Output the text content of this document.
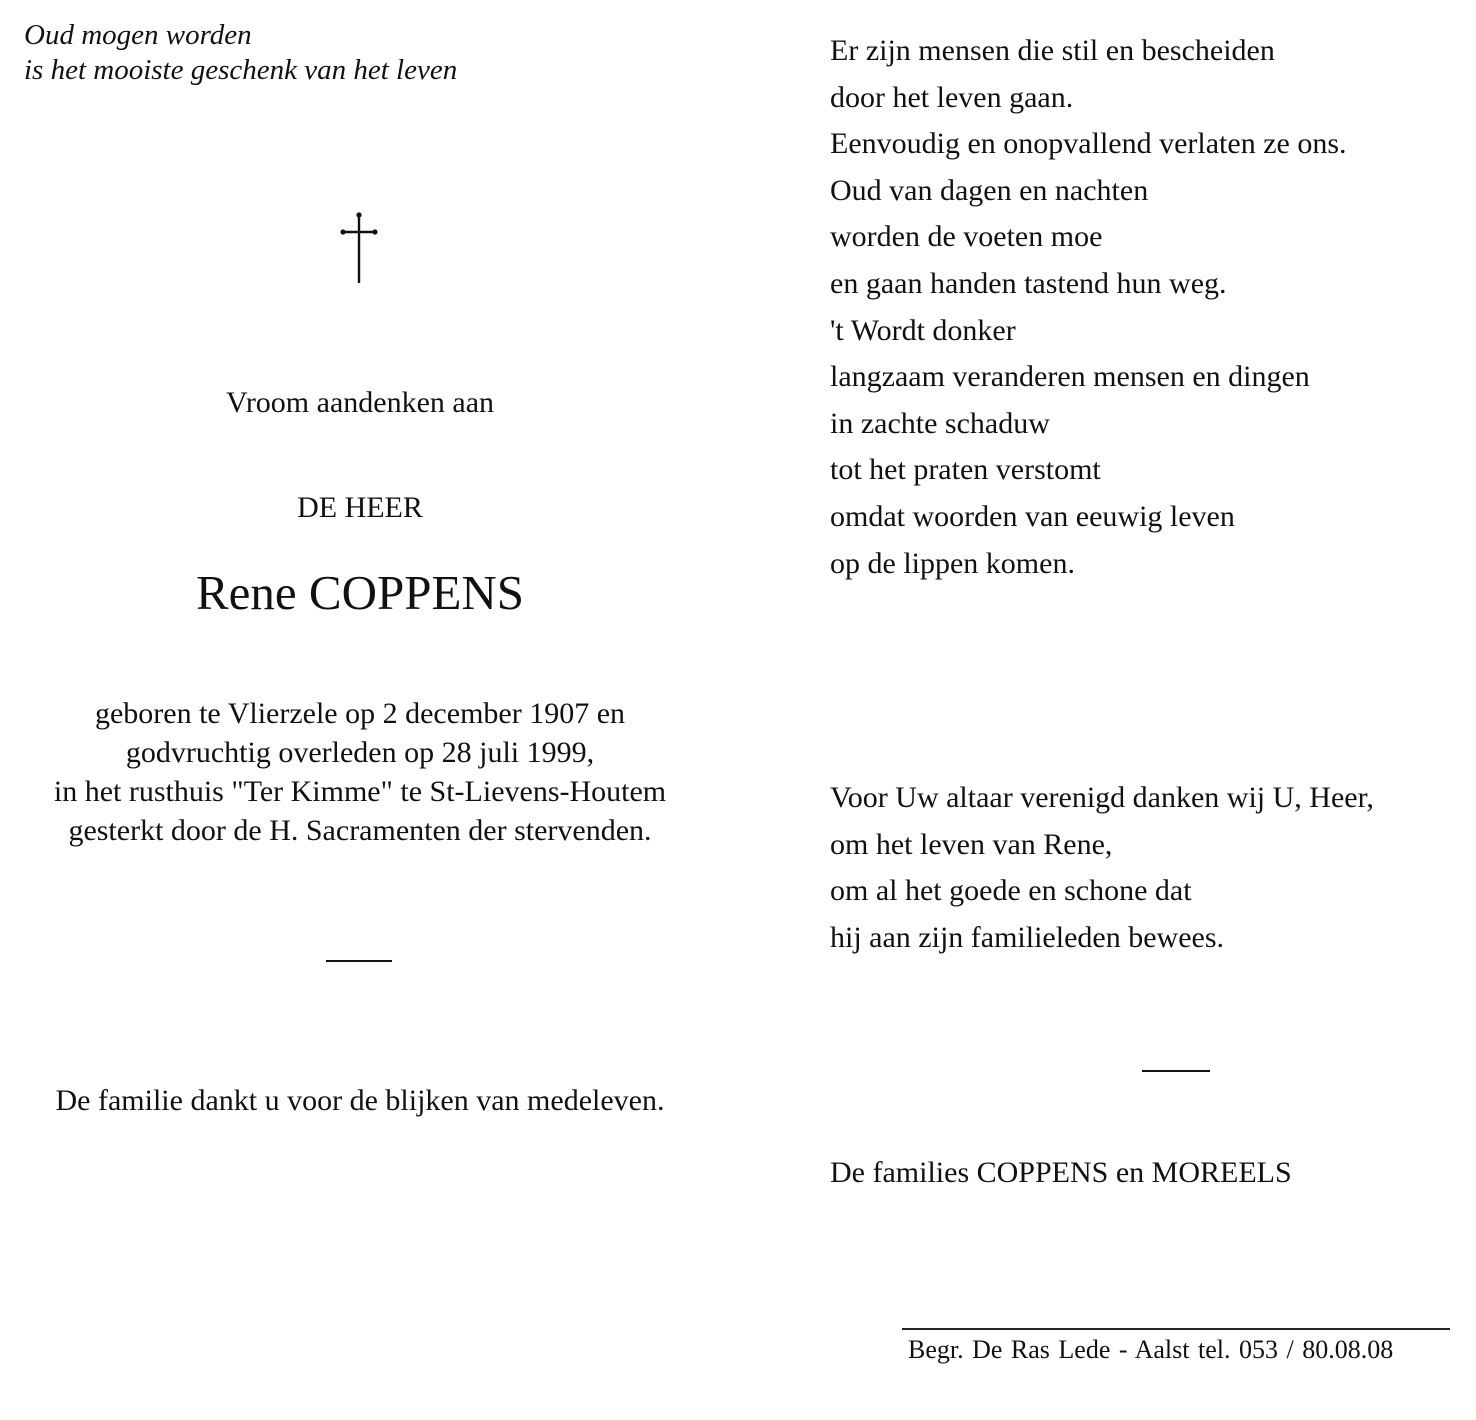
Oud mogen worden
is het mooiste geschenk van het leven
Vroom aandenken aan
DE HEER
Rene COPPENS
geboren te Vlierzele op 2 december 1907 en
godvruchtig overleden op 28 juli 1999,
in het rusthuis "Ter Kimme" te St-Lievens-Houtem
gesterkt door de H. Sacramenten der stervenden.
De familie dankt u voor de blijken van medeleven.
Er zijn mensen die stil en bescheiden
door het leven gaan.
Eenvoudig en onopvallend verlaten ze ons.
Oud van dagen en nachten
worden de voeten moe
en gaan handen tastend hun weg.
't Wordt donker
langzaam veranderen mensen en dingen
in zachte schaduw
tot het praten verstomt
omdat woorden van eeuwig leven
op de lippen komen.
Voor Uw altaar verenigd danken wij U, Heer,
om het leven van Rene,
om al het goede en schone dat
hij aan zijn familieleden bewees.
De families COPPENS en MOREELS
Begr. De Ras Lede - Aalst tel. 053 / 80.08.08
